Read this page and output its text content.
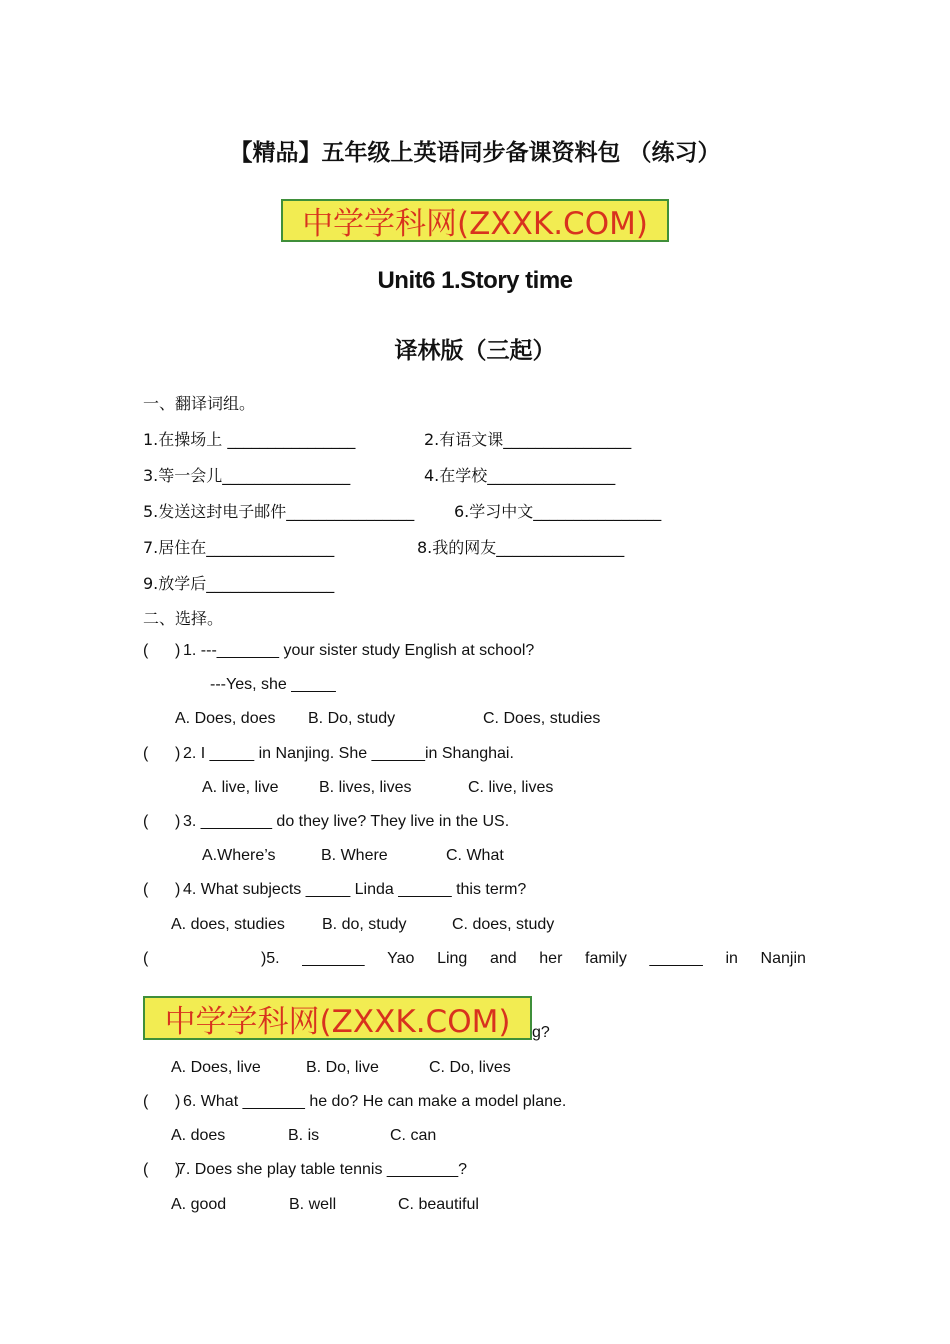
【精品】五年级上英语同步备课资料包 （练习）
中学学科网(ZXXK.COM)
Unit6 1.Story time
译林版（三起）
一、翻译词组。
1.在操场上 ________________	2.有语文课________________
3.等一会儿________________	4.在学校________________
5.发送这封电子邮件________________ 6.学习中文________________
7.居住在________________	8.我的网友________________
9.放学后________________
二、选择。
(      ) 1. ---_______ your sister study English at school?
---Yes, she _____
A. Does, does B. Do, study	C. Does, studies
(      ) 2. I _____ in Nanjing. She ______in Shanghai.
A. live, live	B. lives, lives	C. live, lives
(      ) 3. ________ do they live? They live in the US.
A.Where’s	B. Where	C. What
(      ) 4. What subjects _____ Linda ______ this term?
A. does, studies B. do, study	C. does, study
(	)5. _______ Yao Ling and her family ______ in Nanjin
g?
中学学科网(ZXXK.COM)
A. Does, live	B. Do, live	C. Do, lives
(      ) 6. What _______ he do? He can make a model plane.
A. does	B. is	C. can
(      )
7. Does she play table tennis ________?
A. good	B. well	C. beautiful
